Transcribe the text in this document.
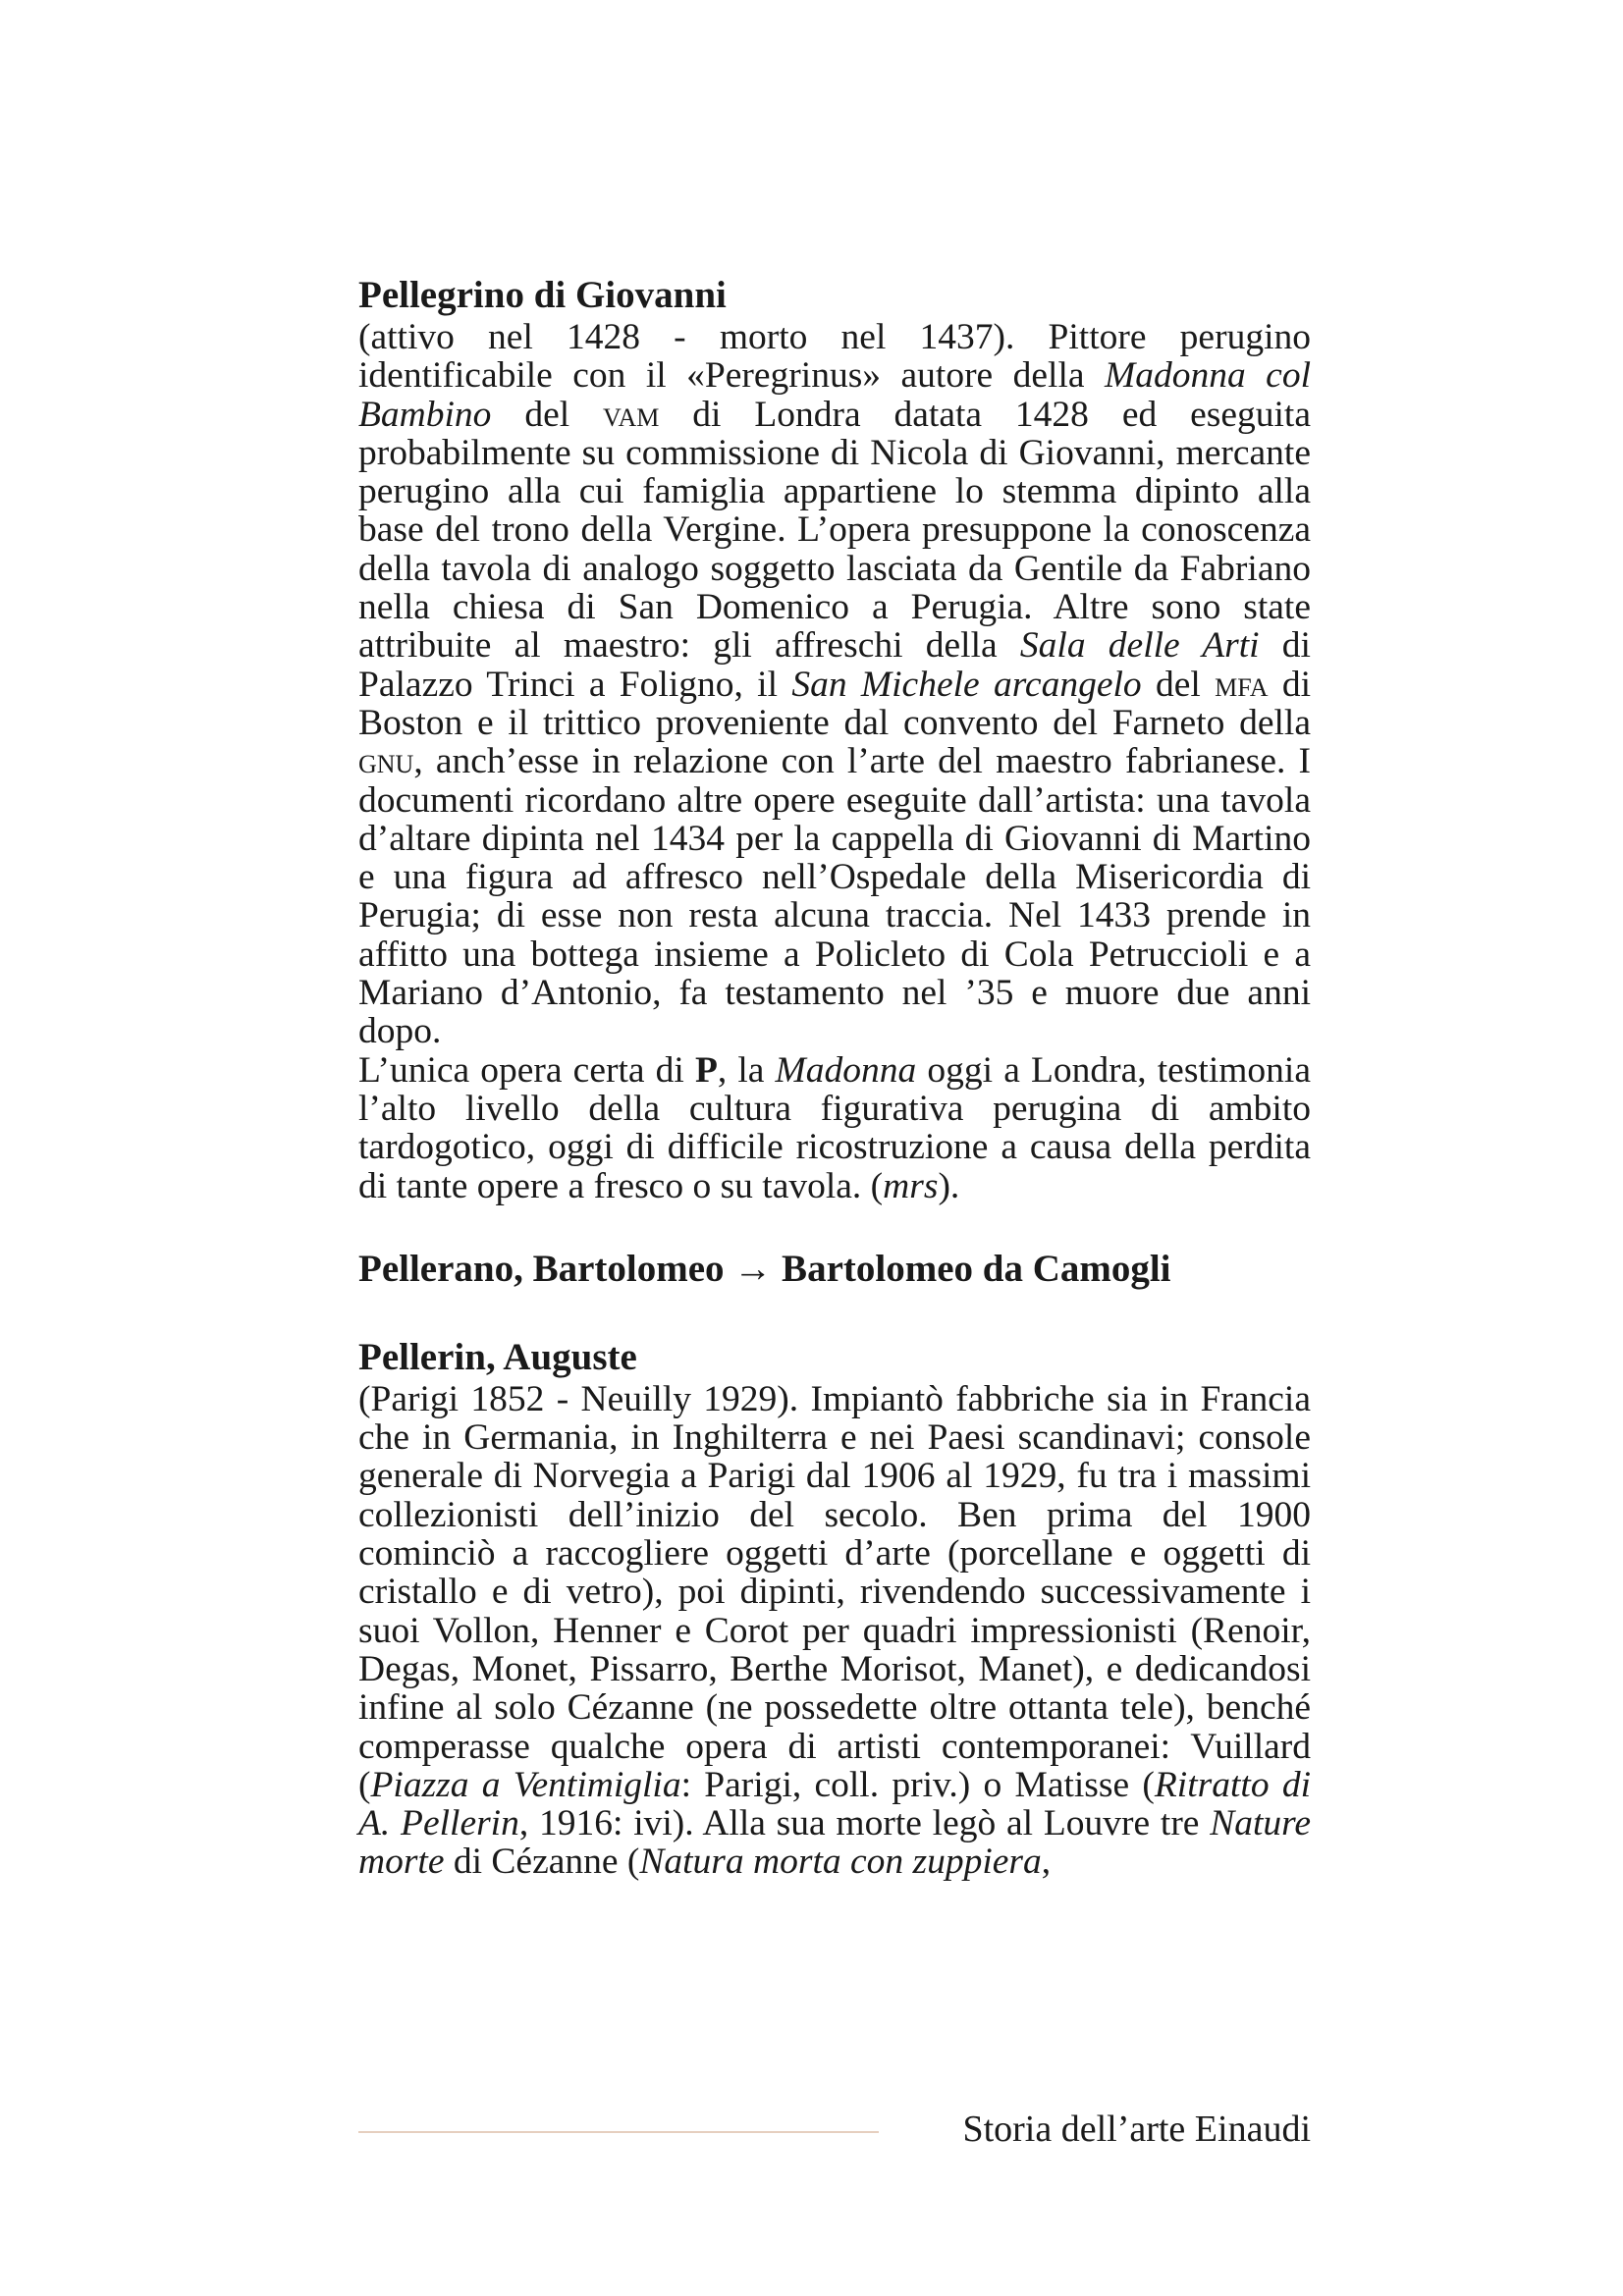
Pellegrino di Giovanni

(attivo nel 1428 - morto nel 1437). Pittore perugino identificabile con il «Peregrinus» autore della Madonna col Bambino del vam di Londra datata 1428 ed eseguita probabilmente su commissione di Nicola di Giovanni, mercante perugino alla cui famiglia appartiene lo stemma dipinto alla base del trono della Vergine. L’opera presuppone la conoscenza della tavola di analogo soggetto lasciata da Gentile da Fabriano nella chiesa di San Domenico a Perugia. Altre sono state attribuite al maestro: gli affreschi della Sala delle Arti di Palazzo Trinci a Foligno, il San Michele arcangelo del mfa di Boston e il trittico proveniente dal convento del Farneto della gnu, anch’esse in relazione con l’arte del maestro fabrianese. I documenti ricordano altre opere eseguite dall’artista: una tavola d’altare dipinta nel 1434 per la cappella di Giovanni di Martino e una figura ad affresco nell’Ospedale della Misericordia di Perugia; di esse non resta alcuna traccia. Nel 1433 prende in affitto una bottega insieme a Policleto di Cola Petruccioli e a Mariano d’Antonio, fa testamento nel ’35 e muore due anni dopo.

L’unica opera certa di P, la Madonna oggi a Londra, testimonia l’alto livello della cultura figurativa perugina di ambito tardogotico, oggi di difficile ricostruzione a causa della perdita di tante opere a fresco o su tavola. (mrs).

Pellerano, Bartolomeo → Bartolomeo da Camogli
Pellerin, Auguste

(Parigi 1852 - Neuilly 1929). Impiantò fabbriche sia in Francia che in Germania, in Inghilterra e nei Paesi scandinavi; console generale di Norvegia a Parigi dal 1906 al 1929, fu tra i massimi collezionisti dell’inizio del secolo. Ben prima del 1900 cominciò a raccogliere oggetti d’arte (porcellane e oggetti di cristallo e di vetro), poi dipinti, rivendendo successivamente i suoi Vollon, Henner e Corot per quadri impressionisti (Renoir, Degas, Monet, Pissarro, Berthe Morisot, Manet), e dedicandosi infine al solo Cézanne (ne possedette oltre ottanta tele), benché comperasse qualche opera di artisti contemporanei: Vuillard (Piazza a Ventimiglia: Parigi, coll. priv.) o Matisse (Ritratto di A. Pellerin, 1916: ivi). Alla sua morte legò al Louvre tre Nature morte di Cézanne (Natura morta con zuppiera,

Storia dell’arte Einaudi
